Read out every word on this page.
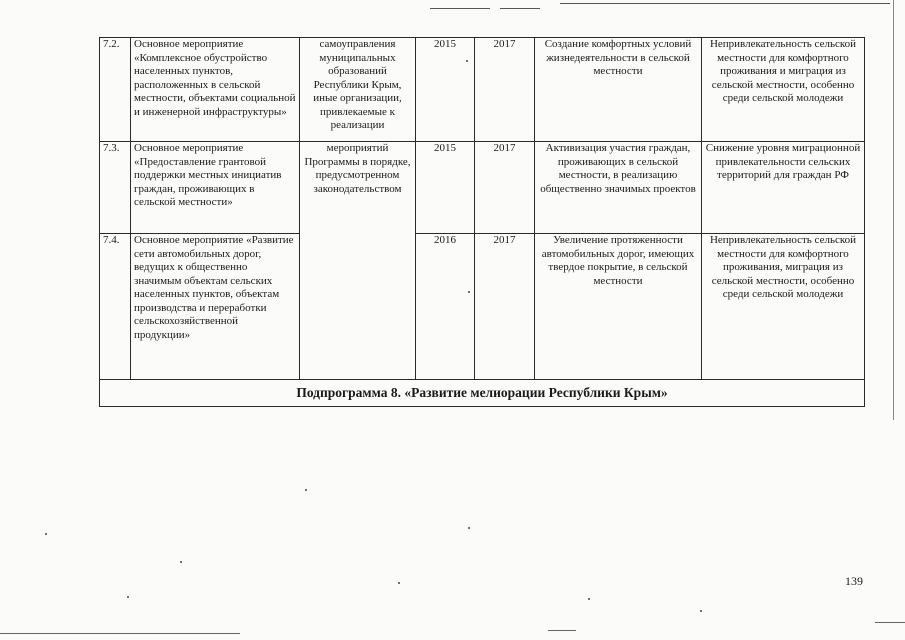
7.2.	Основное мероприятие «Комплексное обустройство населенных пунктов, расположенных в сельской местности, объектами социальной и инженерной инфраструктуры»	самоуправления муниципальных образований Республики Крым, иные организации, привлекаемые к реализации	2015	2017	Создание комфортных условий жизнедеятельности в сельской местности	Непривлекательность сельской местности для комфортного проживания и миграция из сельской местности, особенно среди сельской молодежи
7.3.	Основное мероприятие «Предоставление грантовой поддержки местных инициатив граждан, проживающих в сельской местности»	мероприятий Программы в порядке, предусмотренном законодательством	2015	2017	Активизация участия граждан, проживающих в сельской местности, в реализацию общественно значимых проектов	Снижение уровня миграционной привлекательности сельских территорий для граждан РФ
7.4.	Основное мероприятие «Развитие сети автомобильных дорог, ведущих к общественно значимым объектам сельских населенных пунктов, объектам производства и переработки сельскохозяйственной продукции»		2016	2017	Увеличение протяженности автомобильных дорог, имеющих твердое покрытие, в сельской местности	Непривлекательность сельской местности для комфортного проживания, миграция из сельской местности, особенно среди сельской молодежи
Подпрограмма 8. «Развитие мелиорации Республики Крым»						
139
